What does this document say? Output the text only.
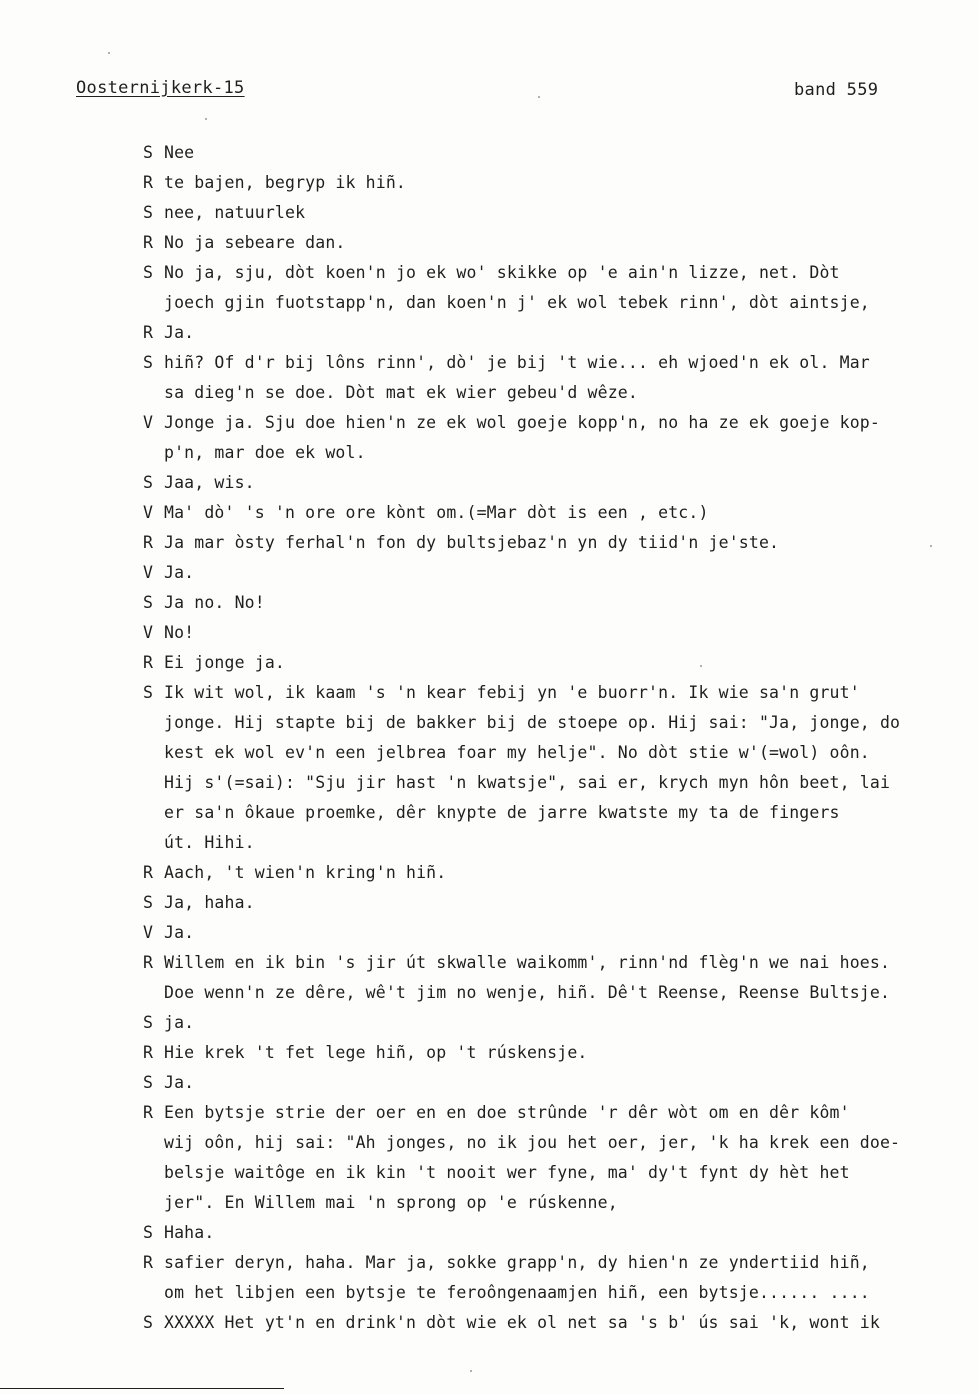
Oosternijkerk-15	band 559
S Nee
R te bajen, begryp ik hiñ.
S nee, natuurlek
R No ja sebeare dan.
S No ja, sju, dòt koen'n jo ek wo' skikke op 'e ain'n lizze, net. Dòt
joech gjin fuotstapp'n, dan koen'n j' ek wol tebek rinn', dòt aintsje,
R Ja.
S hiñ? Of d'r bij lôns rinn', dò' je bij 't wie... eh wjoed'n ek ol. Mar
sa dieg'n se doe. Dòt mat ek wier gebeu'd wêze.
V Jonge ja. Sju doe hien'n ze ek wol goeje kopp'n, no ha ze ek goeje kop-
p'n, mar doe ek wol.
S Jaa, wis.
V Ma' dò' 's 'n ore ore kònt om.(=Mar dòt is een , etc.)
R Ja mar òsty ferhal'n fon dy bultsjebaz'n yn dy tiid'n je'ste.
V Ja.
S Ja no. No!
V No!
R Ei jonge ja.
S Ik wit wol, ik kaam 's 'n kear febij yn 'e buorr'n. Ik wie sa'n grut'
jonge. Hij stapte bij de bakker bij de stoepe op. Hij sai: "Ja, jonge, do
kest ek wol ev'n een jelbrea foar my helje". No dòt stie w'(=wol) oôn.
Hij s'(=sai): "Sju jir hast 'n kwatsje", sai er, krych myn hôn beet, lai
er sa'n ôkaue proemke, dêr knypte de jarre kwatste my ta de fingers
út. Hihi.
R Aach, 't wien'n kring'n hiñ.
S Ja, haha.
V Ja.
R Willem en ik bin 's jir út skwalle waikomm', rinn'nd flèg'n we nai hoes.
Doe wenn'n ze dêre, wê't jim no wenje, hiñ. Dê't Reense, Reense Bultsje.
S ja.
R Hie krek 't fet lege hiñ, op 't rúskensje.
S Ja.
R Een bytsje strie der oer en en doe strûnde 'r dêr wòt om en dêr kôm'
wij oôn, hij sai: "Ah jonges, no ik jou het oer, jer, 'k ha krek een doe-
belsje waitôge en ik kin 't nooit wer fyne, ma' dy't fynt dy hèt het
jer". En Willem mai 'n sprong op 'e rúskenne,
S Haha.
R safier deryn, haha. Mar ja, sokke grapp'n, dy hien'n ze yndertiid hiñ,
om het libjen een bytsje te feroôngenaamjen hiñ, een bytsje...... ....
S XXXXX Het yt'n en drink'n dòt wie ek ol net sa 's b' ús sai 'k, wont ik
